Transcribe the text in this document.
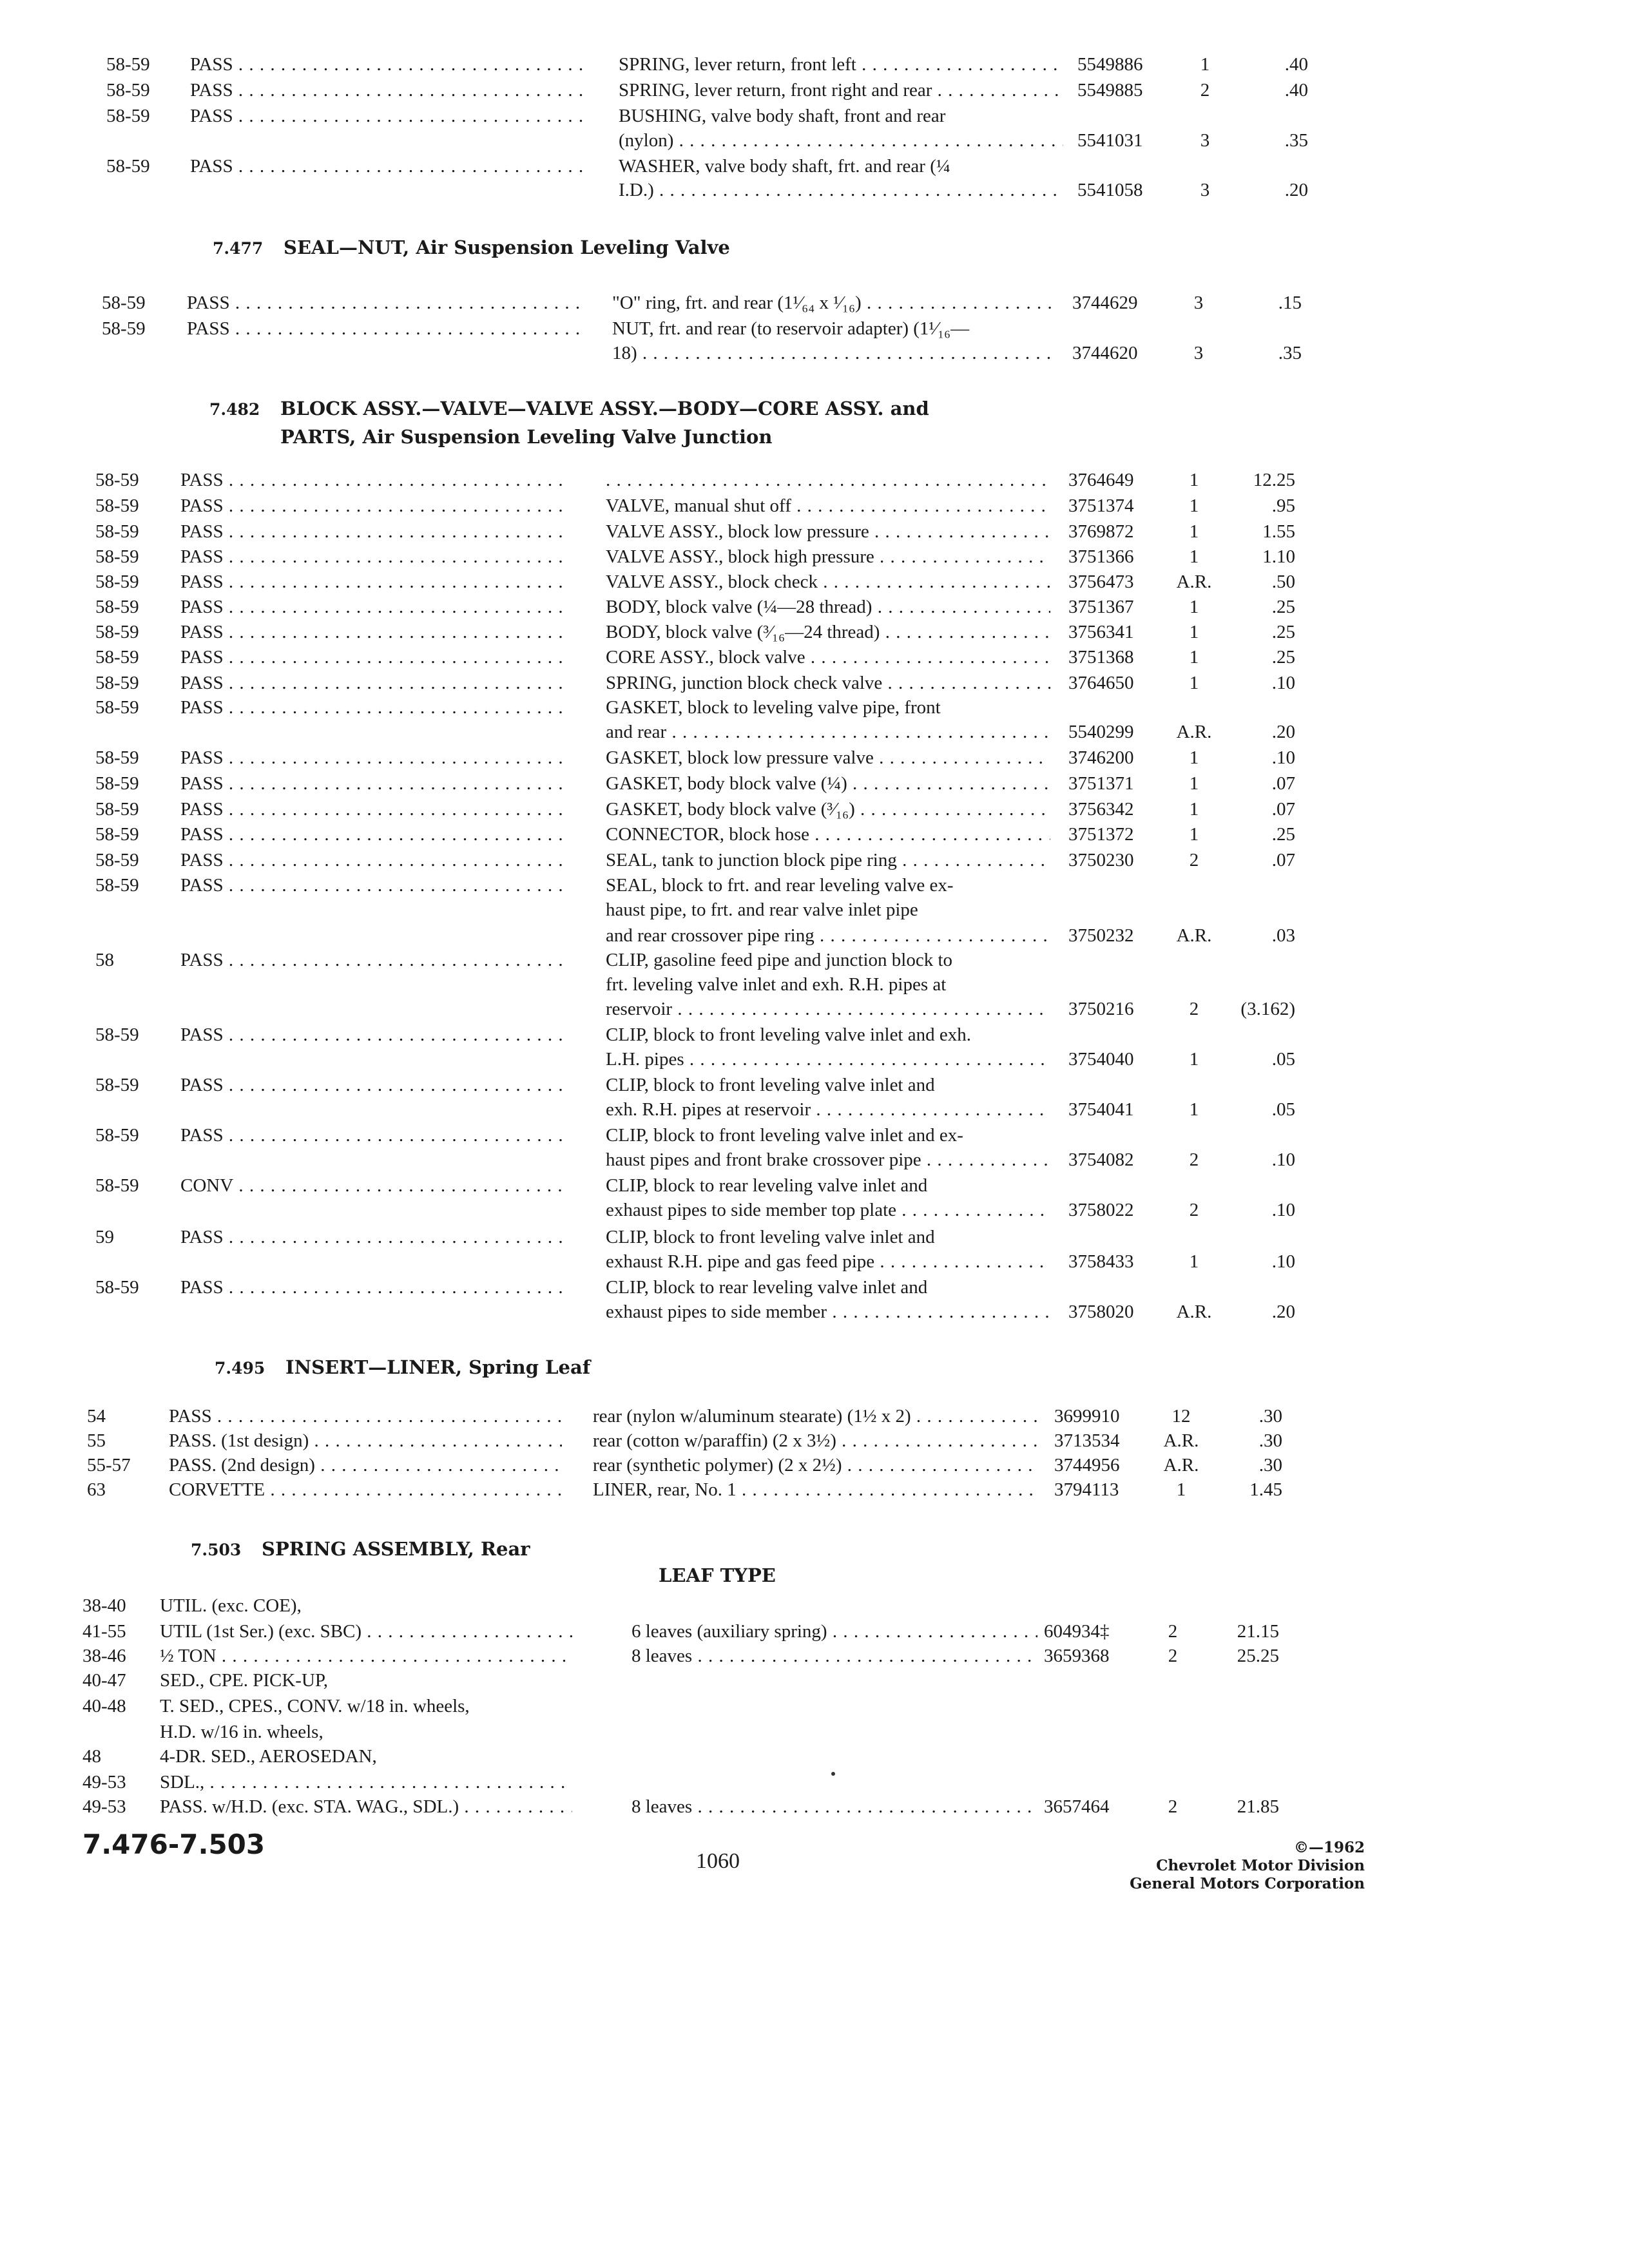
7.477 SEAL—NUT, Air Suspension Leveling Valve
7.482 BLOCK ASSY.—VALVE—VALVE ASSY.—BODY—CORE ASSY. and
PARTS, Air Suspension Leveling Valve Junction
7.495 INSERT—LINER, Spring Leaf
7.503 SPRING ASSEMBLY, Rear
LEAF TYPE
58-59 PASS . . .	SPRING, lever return, front left . . .	5549886	1	.40
58-59 PASS . . .	SPRING, lever return, front right and rear . . .	5549885	2	.40
58-59 PASS . . .	BUSHING, valve body shaft, front and rear
(nylon) . . .	5541031	3	.35
58-59 PASS . . .	WASHER, valve body shaft, frt. and rear (¼
I.D.) . . .	5541058	3	.20
58-59 PASS . . .	"O" ring, frt. and rear (1¹⁄₆₄ x ¹⁄₁₆) . . .	3744629	3	.15
58-59 PASS . . .	NUT, frt. and rear (to reservoir adapter) (1¹⁄₁₆—
18) . . .	3744620	3	.35
58-59 PASS . . .
. . .	3764649	1	12.25
58-59 PASS . . .	VALVE, manual shut off . . .	3751374	1	.95
58-59 PASS . . .	VALVE ASSY., block low pressure . . .	3769872	1	1.55
58-59 PASS . . .	VALVE ASSY., block high pressure . . .	3751366	1	1.10
58-59 PASS . . .	VALVE ASSY., block check . . .	3756473	A.R.	.50
58-59 PASS . . .	BODY, block valve (¼—28 thread) . . .	3751367	1	.25
58-59 PASS . . .	BODY, block valve (³⁄₁₆—24 thread) . . .	3756341	1	.25
58-59 PASS . . .	CORE ASSY., block valve . . .	3751368	1	.25
58-59 PASS . . .	SPRING, junction block check valve . . .	3764650	1	.10
58-59 PASS . . .	GASKET, block to leveling valve pipe, front
and rear . . .	5540299	A.R.	.20
58-59 PASS . . .	GASKET, block low pressure valve . . .	3746200	1	.10
58-59 PASS . . .	GASKET, body block valve (¼) . . .	3751371	1	.07
58-59 PASS . . .	GASKET, body block valve (³⁄₁₆) . . .	3756342	1	.07
58-59 PASS . . .	CONNECTOR, block hose . . .	3751372	1	.25
58-59 PASS . . .	SEAL, tank to junction block pipe ring . . .	3750230	2	.07
58-59 PASS . . .	SEAL, block to frt. and rear leveling valve ex-
haust pipe, to frt. and rear valve inlet pipe
and rear crossover pipe ring . . .	3750232	A.R.	.03
58	PASS . . .	CLIP, gasoline feed pipe and junction block to
frt. leveling valve inlet and exh. R.H. pipes at
reservoir . . .	3750216	2	(3.162)
58-59 PASS . . .	CLIP, block to front leveling valve inlet and exh.
L.H. pipes . . .	3754040	1	.05
58-59 PASS . . .	CLIP, block to front leveling valve inlet and
exh. R.H. pipes at reservoir . . .	3754041	1	.05
58-59 PASS . . .	CLIP, block to front leveling valve inlet and ex-
haust pipes and front brake crossover pipe . . .	3754082	2	.10
58-59 CONV . . .	CLIP, block to rear leveling valve inlet and
exhaust pipes to side member top plate . . .	3758022	2	.10
59	PASS . . .	CLIP, block to front leveling valve inlet and
exhaust R.H. pipe and gas feed pipe . . .	3758433	1	.10
58-59 PASS . . .	CLIP, block to rear leveling valve inlet and
exhaust pipes to side member . . .	3758020	A.R.	.20
54	PASS . . .	rear (nylon w/aluminum stearate) (1½ x 2) . . .	3699910	12	.30
55	PASS. (1st design) . . .	rear (cotton w/paraffin) (2 x 3½) . . .	3713534	A.R.	.30
55-57 PASS. (2nd design) . . .	rear (synthetic polymer) (2 x 2½) . . .	3744956	A.R.	.30
63	CORVETTE . . .	LINER, rear, No. 1 . . .	3794113	1	1.45
38-40 UTIL. (exc. COE),
41-55 UTIL (1st Ser.) (exc. SBC) . . .	6 leaves (auxiliary spring) . . .	604934‡	2	21.15
38-46 ½ TON . . .	8 leaves . . .	3659368	2	25.25
40-47 SED., CPE. PICK-UP,
40-48 T. SED., CPES., CONV. w/18 in. wheels,
H.D. w/16 in. wheels,
48	4-DR. SED., AEROSEDAN,
49-53 SDL., . . .
49-53 PASS. w/H.D. (exc. STA. WAG., SDL.) . . .	8 leaves . . .	3657464	2	21.85
7.476-7.503
1060
©—1962
Chevrolet Motor Division
General Motors Corporation
